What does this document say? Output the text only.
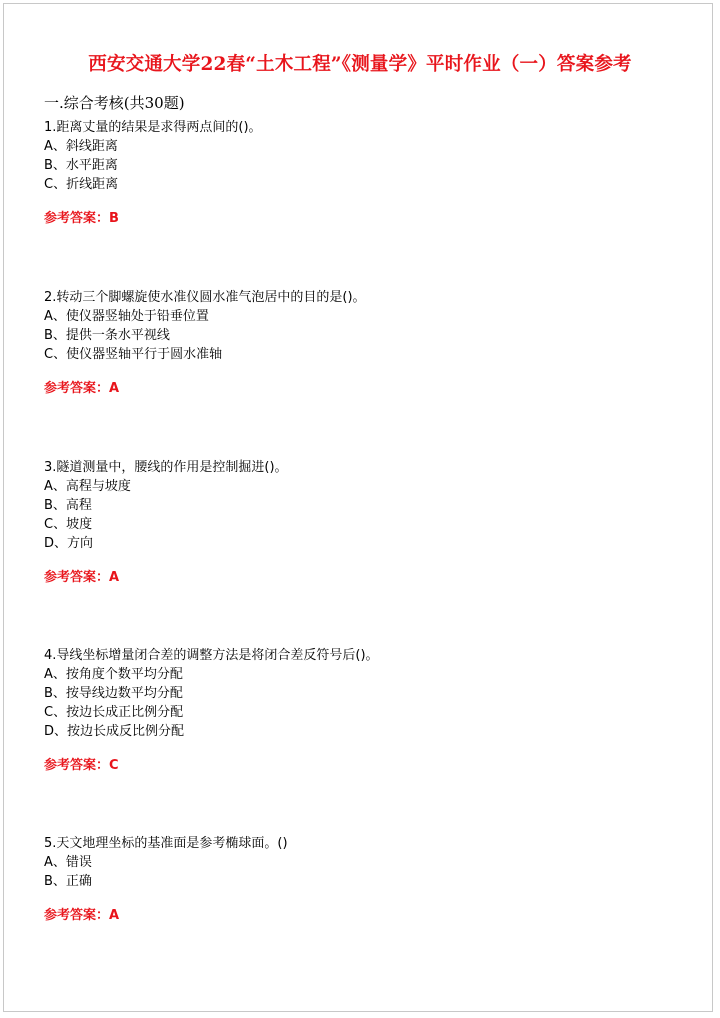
西安交通大学22春“土木工程”《测量学》平时作业（一）答案参考
一.综合考核(共30题)
1.距离丈量的结果是求得两点间的()。
A、斜线距离
B、水平距离
C、折线距离
参考答案：B
2.转动三个脚螺旋使水准仪圆水准气泡居中的目的是()。
A、使仪器竖轴处于铅垂位置
B、提供一条水平视线
C、使仪器竖轴平行于圆水准轴
参考答案：A
3.隧道测量中，腰线的作用是控制掘进()。
A、高程与坡度
B、高程
C、坡度
D、方向
参考答案：A
4.导线坐标增量闭合差的调整方法是将闭合差反符号后()。
A、按角度个数平均分配
B、按导线边数平均分配
C、按边长成正比例分配
D、按边长成反比例分配
参考答案：C
5.天文地理坐标的基准面是参考椭球面。()
A、错误
B、正确
参考答案：A
